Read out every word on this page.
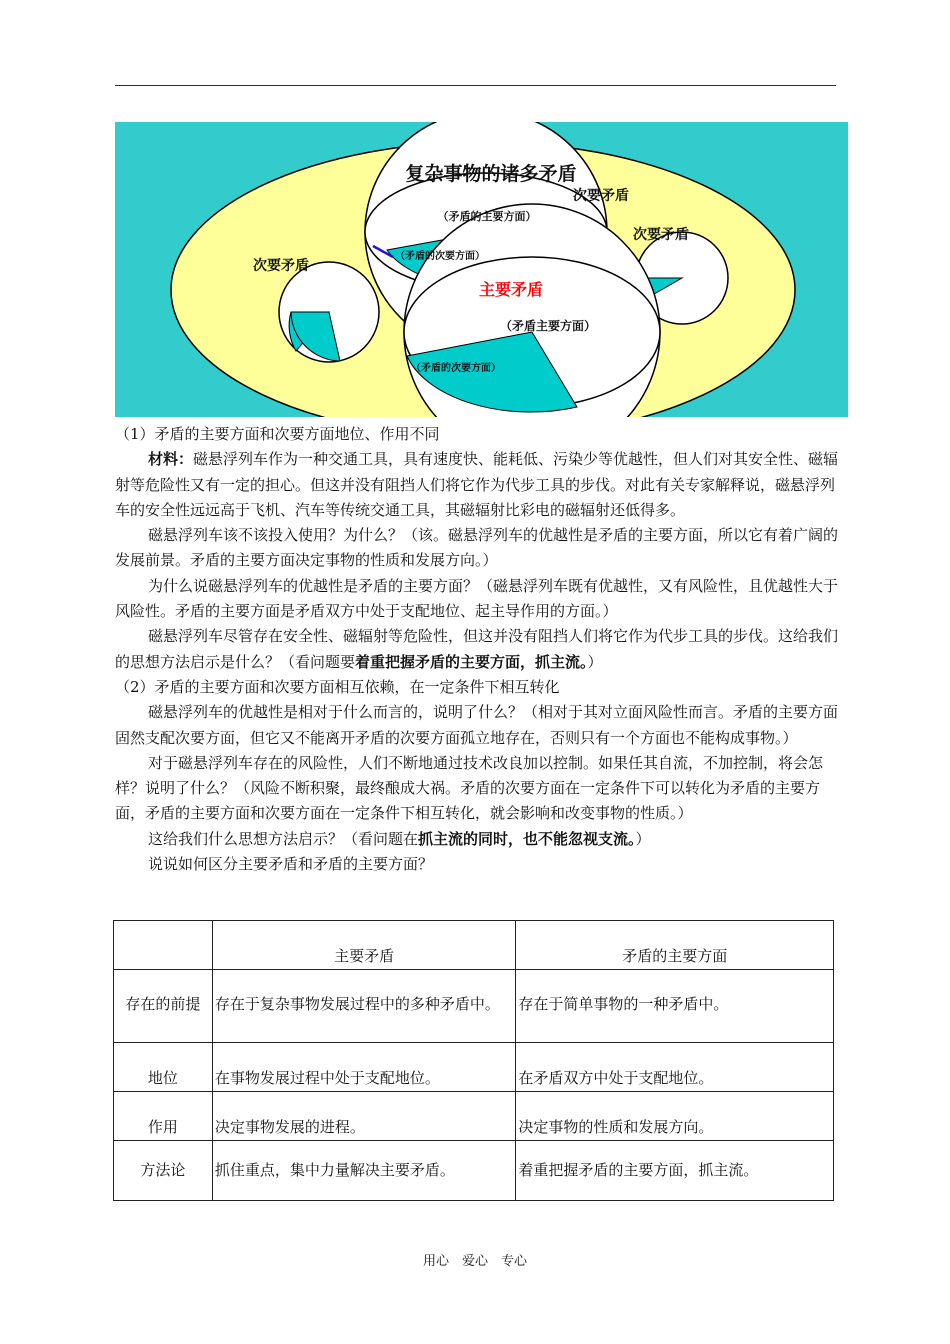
复杂事物的诸多矛盾
次要矛盾
次要矛盾
次要矛盾
主要矛盾
（矛盾的主要方面）
（矛盾的次要方面）
（矛盾主要方面）
（矛盾的次要方面）

（1）矛盾的主要方面和次要方面地位、作用不同

材料：磁悬浮列车作为一种交通工具，具有速度快、能耗低、污染少等优越性，但人们对其安全性、磁辐射等危险性又有一定的担心。但这并没有阻挡人们将它作为代步工具的步伐。对此有关专家解释说，磁悬浮列车的安全性远远高于飞机、汽车等传统交通工具，其磁辐射比彩电的磁辐射还低得多。

磁悬浮列车该不该投入使用？为什么？（该。磁悬浮列车的优越性是矛盾的主要方面，所以它有着广阔的发展前景。矛盾的主要方面决定事物的性质和发展方向。）

为什么说磁悬浮列车的优越性是矛盾的主要方面？（磁悬浮列车既有优越性，又有风险性，且优越性大于风险性。矛盾的主要方面是矛盾双方中处于支配地位、起主导作用的方面。）

磁悬浮列车尽管存在安全性、磁辐射等危险性，但这并没有阻挡人们将它作为代步工具的步伐。这给我们的思想方法启示是什么？（看问题要着重把握矛盾的主要方面，抓主流。）

（2）矛盾的主要方面和次要方面相互依赖，在一定条件下相互转化

磁悬浮列车的优越性是相对于什么而言的，说明了什么？（相对于其对立面风险性而言。矛盾的主要方面固然支配次要方面，但它又不能离开矛盾的次要方面孤立地存在，否则只有一个方面也不能构成事物。）

对于磁悬浮列车存在的风险性，人们不断地通过技术改良加以控制。如果任其自流，不加控制，将会怎样？说明了什么？（风险不断积聚，最终酿成大祸。矛盾的次要方面在一定条件下可以转化为矛盾的主要方面，矛盾的主要方面和次要方面在一定条件下相互转化，就会影响和改变事物的性质。）

这给我们什么思想方法启示？（看问题在抓主流的同时，也不能忽视支流。）

说说如何区分主要矛盾和矛盾的主要方面？

	主要矛盾	矛盾的主要方面
存在的前提	存在于复杂事物发展过程中的多种矛盾中。	存在于简单事物的一种矛盾中。
地位	在事物发展过程中处于支配地位。	在矛盾双方中处于支配地位。
作用	决定事物发展的进程。	决定事物的性质和发展方向。
方法论	抓住重点，集中力量解决主要矛盾。	着重把握矛盾的主要方面，抓主流。
用心　爱心　专心
